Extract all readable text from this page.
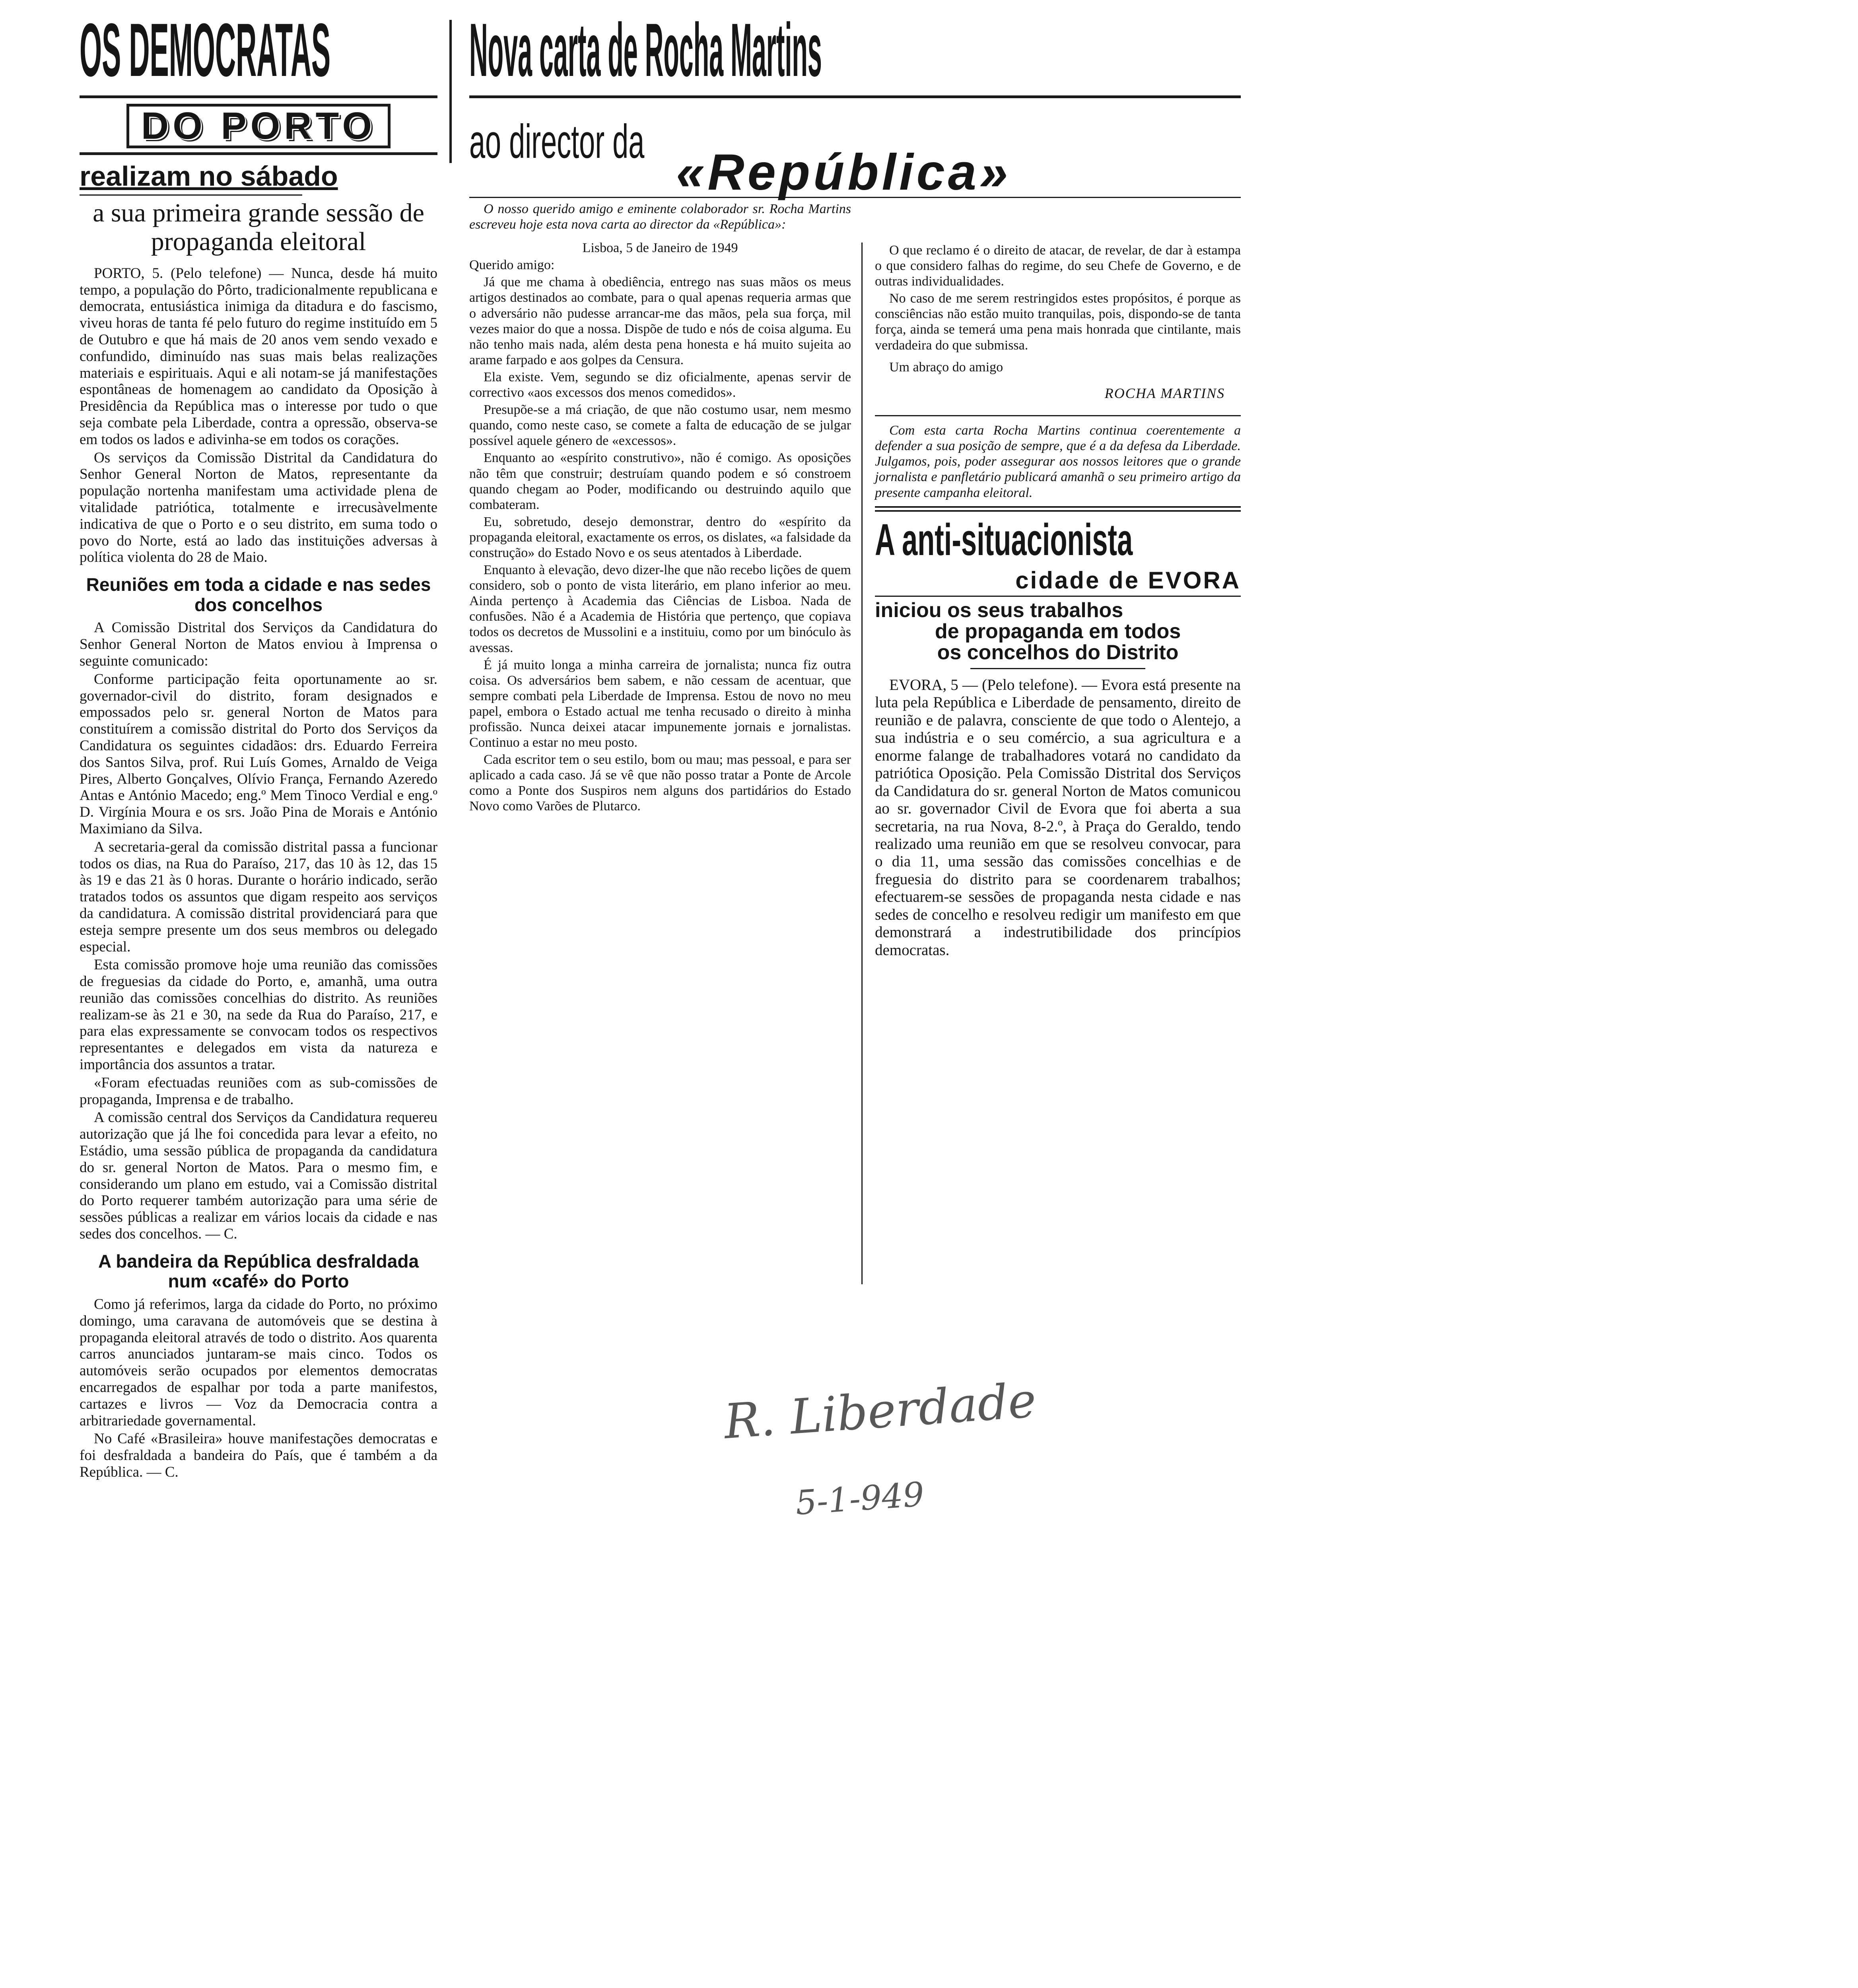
OS DEMOCRATAS
DO PORTO
realizam no sábado
a sua primeira grande sessão de propaganda eleitoral

PORTO, 5. (Pelo telefone) — Nunca, desde há muito tempo, a população do Pôrto, tradicionalmente republicana e democrata, entusiástica inimiga da ditadura e do fascismo, viveu horas de tanta fé pelo futuro do regime instituído em 5 de Outubro e que há mais de 20 anos vem sendo vexado e confundido, diminuído nas suas mais belas realizações materiais e espirituais. Aqui e ali notam-se já manifestações espontâneas de homenagem ao candidato da Oposição à Presidência da República mas o interesse por tudo o que seja combate pela Liberdade, contra a opressão, observa-se em todos os lados e adivinha-se em todos os corações.

Os serviços da Comissão Distrital da Candidatura do Senhor General Norton de Matos, representante da população nortenha manifestam uma actividade plena de vitalidade patriótica, totalmente e irrecusàvelmente indicativa de que o Porto e o seu distrito, em suma todo o povo do Norte, está ao lado das instituições adversas à política violenta do 28 de Maio.

Reuniões em toda a cidade e nas sedes dos concelhos

A Comissão Distrital dos Serviços da Candidatura do Senhor General Norton de Matos enviou à Imprensa o seguinte comunicado:

Conforme participação feita oportunamente ao sr. governador-civil do distrito, foram designados e empossados pelo sr. general Norton de Matos para constituírem a comissão distrital do Porto dos Serviços da Candidatura os seguintes cidadãos: drs. Eduardo Ferreira dos Santos Silva, prof. Rui Luís Gomes, Arnaldo de Veiga Pires, Alberto Gonçalves, Olívio França, Fernando Azeredo Antas e António Macedo; eng.º Mem Tinoco Verdial e eng.º D. Virgínia Moura e os srs. João Pina de Morais e António Maximiano da Silva.

A secretaria-geral da comissão distrital passa a funcionar todos os dias, na Rua do Paraíso, 217, das 10 às 12, das 15 às 19 e das 21 às 0 horas. Durante o horário indicado, serão tratados todos os assuntos que digam respeito aos serviços da candidatura. A comissão distrital providenciará para que esteja sempre presente um dos seus membros ou delegado especial.

Esta comissão promove hoje uma reunião das comissões de freguesias da cidade do Porto, e, amanhã, uma outra reunião das comissões concelhias do distrito. As reuniões realizam-se às 21 e 30, na sede da Rua do Paraíso, 217, e para elas expressamente se convocam todos os respectivos representantes e delegados em vista da natureza e importância dos assuntos a tratar.

«Foram efectuadas reuniões com as sub-comissões de propaganda, Imprensa e de trabalho.

A comissão central dos Serviços da Candidatura requereu autorização que já lhe foi concedida para levar a efeito, no Estádio, uma sessão pública de propaganda da candidatura do sr. general Norton de Matos. Para o mesmo fim, e considerando um plano em estudo, vai a Comissão distrital do Porto requerer também autorização para uma série de sessões públicas a realizar em vários locais da cidade e nas sedes dos concelhos. — C.

A bandeira da República desfraldada num «café» do Porto

Como já referimos, larga da cidade do Porto, no próximo domingo, uma caravana de automóveis que se destina à propaganda eleitoral através de todo o distrito. Aos quarenta carros anunciados juntaram-se mais cinco. Todos os automóveis serão ocupados por elementos democratas encarregados de espalhar por toda a parte manifestos, cartazes e livros — Voz da Democracia contra a arbitrariedade governamental.

No Café «Brasileira» houve manifestações democratas e foi desfraldada a bandeira do País, que é também a da República. — C.

Nova carta de Rocha Martins
ao director da
«República»

O nosso querido amigo e eminente colaborador sr. Rocha Martins escreveu hoje esta nova carta ao director da «República»:

Lisboa, 5 de Janeiro de 1949

Querido amigo:

Já que me chama à obediência, entrego nas suas mãos os meus artigos destinados ao combate, para o qual apenas requeria armas que o adversário não pudesse arrancar-me das mãos, pela sua força, mil vezes maior do que a nossa. Dispõe de tudo e nós de coisa alguma. Eu não tenho mais nada, além desta pena honesta e há muito sujeita ao arame farpado e aos golpes da Censura.

Ela existe. Vem, segundo se diz oficialmente, apenas servir de correctivo «aos excessos dos menos comedidos».

Presupõe-se a má criação, de que não costumo usar, nem mesmo quando, como neste caso, se comete a falta de educação de se julgar possível aquele género de «excessos».

Enquanto ao «espírito construtivo», não é comigo. As oposições não têm que construir; destruíam quando podem e só constroem quando chegam ao Poder, modificando ou destruindo aquilo que combateram.

Eu, sobretudo, desejo demonstrar, dentro do «espírito da propaganda eleitoral, exactamente os erros, os dislates, «a falsidade da construção» do Estado Novo e os seus atentados à Liberdade.

Enquanto à elevação, devo dizer-lhe que não recebo lições de quem considero, sob o ponto de vista literário, em plano inferior ao meu. Ainda pertenço à Academia das Ciências de Lisboa. Nada de confusões. Não é a Academia de História que pertenço, que copiava todos os decretos de Mussolini e a instituiu, como por um binóculo às avessas.

É já muito longa a minha carreira de jornalista; nunca fiz outra coisa. Os adversários bem sabem, e não cessam de acentuar, que sempre combati pela Liberdade de Imprensa. Estou de novo no meu papel, embora o Estado actual me tenha recusado o direito à minha profissão. Nunca deixei atacar impunemente jornais e jornalistas. Continuo a estar no meu posto.

Cada escritor tem o seu estilo, bom ou mau; mas pessoal, e para ser aplicado a cada caso. Já se vê que não posso tratar a Ponte de Arcole como a Ponte dos Suspiros nem alguns dos partidários do Estado Novo como Varões de Plutarco.

O que reclamo é o direito de atacar, de revelar, de dar à estampa o que considero falhas do regime, do seu Chefe de Governo, e de outras individualidades.

No caso de me serem restringidos estes propósitos, é porque as consciências não estão muito tranquilas, pois, dispondo-se de tanta força, ainda se temerá uma pena mais honrada que cintilante, mais verdadeira do que submissa.

Um abraço do amigo

ROCHA MARTINS

Com esta carta Rocha Martins continua coerentemente a defender a sua posição de sempre, que é a da defesa da Liberdade. Julgamos, pois, poder assegurar aos nossos leitores que o grande jornalista e panfletário publicará amanhã o seu primeiro artigo da presente campanha eleitoral.

A anti-situacionista
cidade de EVORA
iniciou os seus trabalhos
de propaganda em todos
os concelhos do Distrito

EVORA, 5 — (Pelo telefone). — Evora está presente na luta pela República e Liberdade de pensamento, direito de reunião e de palavra, consciente de que todo o Alentejo, a sua indústria e o seu comércio, a sua agricultura e a enorme falange de trabalhadores votará no candidato da patriótica Oposição. Pela Comissão Distrital dos Serviços da Candidatura do sr. general Norton de Matos comunicou ao sr. governador Civil de Evora que foi aberta a sua secretaria, na rua Nova, 8-2.º, à Praça do Geraldo, tendo realizado uma reunião em que se resolveu convocar, para o dia 11, uma sessão das comissões concelhias e de freguesia do distrito para se coordenarem trabalhos; efectuarem-se sessões de propaganda nesta cidade e nas sedes de concelho e resolveu redigir um manifesto em que demonstrará a indestrutibilidade dos princípios democratas.

R. Liberdade
5-1-949
